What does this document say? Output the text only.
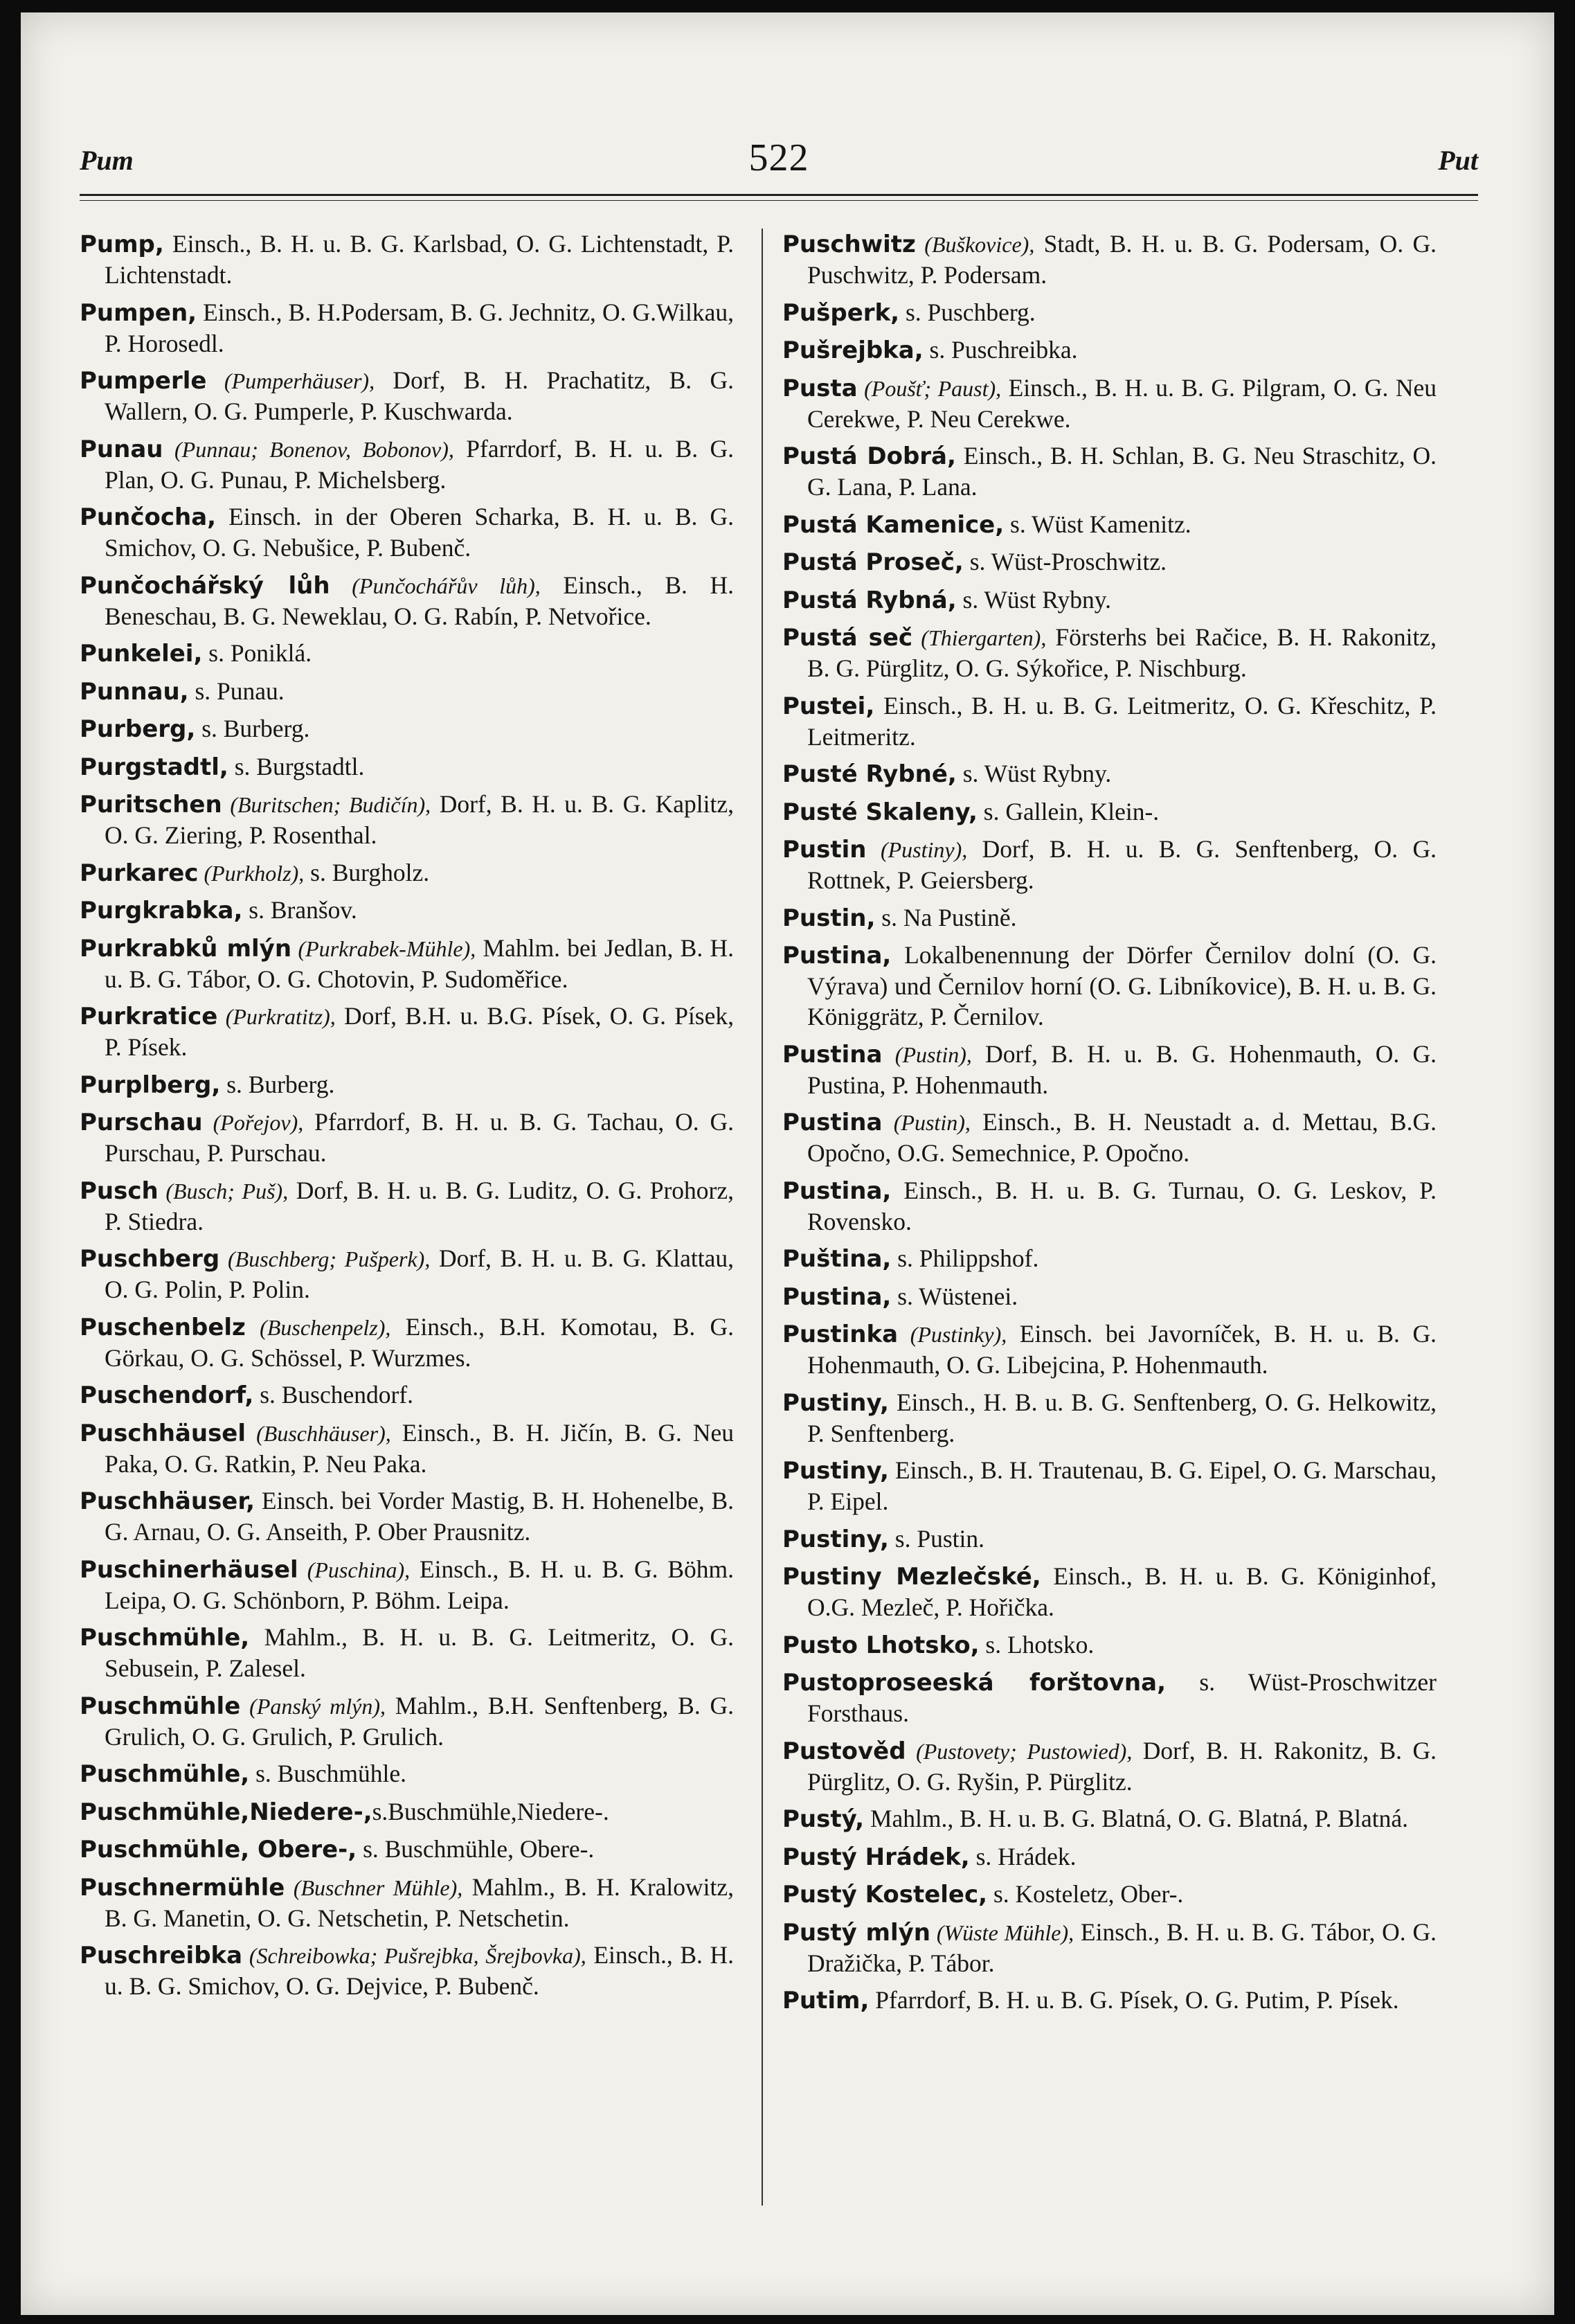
Pum	522	Put
Pump, Einsch., B. H. u. B. G. Karlsbad, O. G. Lichtenstadt, P. Lichtenstadt.
Pumpen, Einsch., B. H.Podersam, B. G. Jechnitz, O. G.Wilkau, P. Horosedl.
Pumperle (Pumperhäuser), Dorf, B. H. Prachatitz, B. G. Wallern, O. G. Pumperle, P. Kuschwarda.
Punau (Punnau; Bonenov, Bobonov), Pfarrdorf, B. H. u. B. G. Plan, O. G. Punau, P. Michelsberg.
Punčocha, Einsch. in der Oberen Scharka, B. H. u. B. G. Smichov, O. G. Nebušice, P. Bubenč.
Punčochářský lůh (Punčochářův lůh), Einsch., B. H. Beneschau, B. G. Neweklau, O. G. Rabín, P. Netvořice.
Punkelei, s. Poniklá.
Punnau, s. Punau.
Purberg, s. Burberg.
Purgstadtl, s. Burgstadtl.
Puritschen (Buritschen; Budičín), Dorf, B. H. u. B. G. Kaplitz, O. G. Ziering, P. Rosenthal.
Purkarec (Purkholz), s. Burgholz.
Purgkrabka, s. Branšov.
Purkrabků mlýn (Purkrabek-Mühle), Mahlm. bei Jedlan, B. H. u. B. G. Tábor, O. G. Chotovin, P. Sudoměřice.
Purkratice (Purkratitz), Dorf, B.H. u. B.G. Písek, O. G. Písek, P. Písek.
Purplberg, s. Burberg.
Purschau (Pořejov), Pfarrdorf, B. H. u. B. G. Tachau, O. G. Purschau, P. Purschau.
Pusch (Busch; Puš), Dorf, B. H. u. B. G. Luditz, O. G. Prohorz, P. Stiedra.
Puschberg (Buschberg; Pušperk), Dorf, B. H. u. B. G. Klattau, O. G. Polin, P. Polin.
Puschenbelz (Buschenpelz), Einsch., B.H. Komotau, B. G. Görkau, O. G. Schössel, P. Wurzmes.
Puschendorf, s. Buschendorf.
Puschhäusel (Buschhäuser), Einsch., B. H. Jičín, B. G. Neu Paka, O. G. Ratkin, P. Neu Paka.
Puschhäuser, Einsch. bei Vorder Mastig, B. H. Hohenelbe, B. G. Arnau, O. G. Anseith, P. Ober Prausnitz.
Puschinerhäusel (Puschina), Einsch., B. H. u. B. G. Böhm. Leipa, O. G. Schönborn, P. Böhm. Leipa.
Puschmühle, Mahlm., B. H. u. B. G. Leitmeritz, O. G. Sebusein, P. Zalesel.
Puschmühle (Panský mlýn), Mahlm., B.H. Senftenberg, B. G. Grulich, O. G. Grulich, P. Grulich.
Puschmühle, s. Buschmühle.
Puschmühle,Niedere-,s.Buschmühle,Niedere-.
Puschmühle, Obere-, s. Buschmühle, Obere-.
Puschnermühle (Buschner Mühle), Mahlm., B. H. Kralowitz, B. G. Manetin, O. G. Netschetin, P. Netschetin.
Puschreibka (Schreibowka; Pušrejbka, Šrejbovka), Einsch., B. H. u. B. G. Smichov, O. G. Dejvice, P. Bubenč.
Puschwitz (Buškovice), Stadt, B. H. u. B. G. Podersam, O. G. Puschwitz, P. Podersam.
Pušperk, s. Puschberg.
Pušrejbka, s. Puschreibka.
Pusta (Poušť; Paust), Einsch., B. H. u. B. G. Pilgram, O. G. Neu Cerekwe, P. Neu Cerekwe.
Pustá Dobrá, Einsch., B. H. Schlan, B. G. Neu Straschitz, O. G. Lana, P. Lana.
Pustá Kamenice, s. Wüst Kamenitz.
Pustá Proseč, s. Wüst-Proschwitz.
Pustá Rybná, s. Wüst Rybny.
Pustá seč (Thiergarten), Försterhs bei Račice, B. H. Rakonitz, B. G. Pürglitz, O. G. Sýkořice, P. Nischburg.
Pustei, Einsch., B. H. u. B. G. Leitmeritz, O. G. Křeschitz, P. Leitmeritz.
Pusté Rybné, s. Wüst Rybny.
Pusté Skaleny, s. Gallein, Klein-.
Pustin (Pustiny), Dorf, B. H. u. B. G. Senftenberg, O. G. Rottnek, P. Geiersberg.
Pustin, s. Na Pustině.
Pustina, Lokalbenennung der Dörfer Černilov dolní (O. G. Výrava) und Černilov horní (O. G. Libníkovice), B. H. u. B. G. Königgrätz, P. Černilov.
Pustina (Pustin), Dorf, B. H. u. B. G. Hohenmauth, O. G. Pustina, P. Hohenmauth.
Pustina (Pustin), Einsch., B. H. Neustadt a. d. Mettau, B.G. Opočno, O.G. Semechnice, P. Opočno.
Pustina, Einsch., B. H. u. B. G. Turnau, O. G. Leskov, P. Rovensko.
Puština, s. Philippshof.
Pustina, s. Wüstenei.
Pustinka (Pustinky), Einsch. bei Javorníček, B. H. u. B. G. Hohenmauth, O. G. Libejcina, P. Hohenmauth.
Pustiny, Einsch., H. B. u. B. G. Senftenberg, O. G. Helkowitz, P. Senftenberg.
Pustiny, Einsch., B. H. Trautenau, B. G. Eipel, O. G. Marschau, P. Eipel.
Pustiny, s. Pustin.
Pustiny Mezlečské, Einsch., B. H. u. B. G. Königinhof, O.G. Mezleč, P. Hořička.
Pusto Lhotsko, s. Lhotsko.
Pustoproseeská forštovna, s. Wüst-Proschwitzer Forsthaus.
Pustověd (Pustovety; Pustowied), Dorf, B. H. Rakonitz, B. G. Pürglitz, O. G. Ryšin, P. Pürglitz.
Pustý, Mahlm., B. H. u. B. G. Blatná, O. G. Blatná, P. Blatná.
Pustý Hrádek, s. Hrádek.
Pustý Kostelec, s. Kosteletz, Ober-.
Pustý mlýn (Wüste Mühle), Einsch., B. H. u. B. G. Tábor, O. G. Dražička, P. Tábor.
Putim, Pfarrdorf, B. H. u. B. G. Písek, O. G. Putim, P. Písek.
